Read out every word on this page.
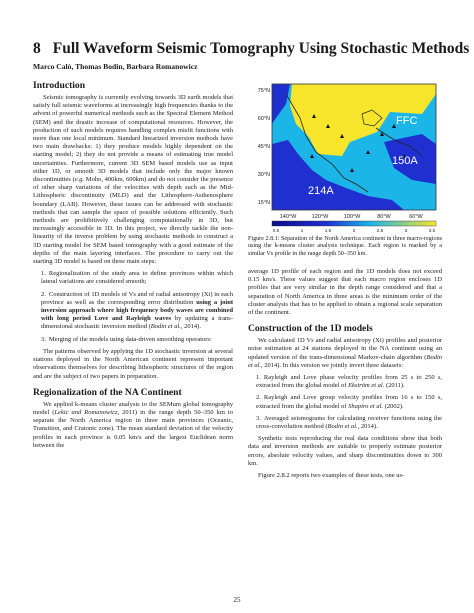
8 Full Waveform Seismic Tomography Using Stochastic Methods
Marco Calò, Thomas Bodin, Barbara Romanowicz
Introduction

Seismic tomography is currently evolving towards 3D earth models that satisfy full seismic waveforms at increasingly high frequencies thanks to the advent of powerful numerical methods such as the Spectral Element Method (SEM) and the drastic increase of computational resources. However, the production of such models requires handling complex misfit functions with more than one local minimum. Standard linearized inversion methods have two main drawbacks: 1) they produce models highly dependent on the starting model; 2) they do not provide a means of estimating true model uncertainties. Furthermore, current 3D SEM based models use as input either 1D, or smooth 3D models that include only the major known discontinuities (e.g. Moho, 400km, 600km) and do not consider the presence of other sharp variations of the velocities with depth such as the Mid-Lithospheric discontinuity (MLD) and the Lithosphere-Asthenosphere boundary (LAB). However, these issues can be addressed with stochastic methods that can sample the space of possible solutions efficiently. Such methods are prohibitively challenging computationally in 3D, but increasingly accessible in 1D. In this project, we directly tackle the non-linearity of the inverse problem by using stochastic methods to construct a 3D starting model for SEM based tomography with a good estimate of the depths of the main layering interfaces. The procedure to carry out the starting 3D model is based on three main steps:

1. Regionalization of the study area to define provinces within which lateral variations are considered smooth;
2. Construction of 1D models of Vs and of radial anisotropy (Xi) in each province as well as the corresponding error distribution using a joint inversion approach where high frequency body waves are combined with long period Love and Rayleigh waves by updating a trans-dimensional stochastic inversion method (Bodin et al., 2014).
3. Merging of the models using data-driven smoothing operators:

The patterns observed by applying the 1D stochastic inversion at several stations deployed in the North American continent represent important observations themselves for describing lithospheric structures of the region and are the subject of two papers in preparation.

Regionalization of the NA Continent

We applied k-means cluster analysis to the SEMum global tomography model (Lekic and Romanowicz, 2011) in the range depth 50–350 km to separate the North America region in three main provinces (Oceanic, Transition, and Cratonic zone). The mean standard deviation of the velocity profiles in each province is 0.05 km/s and the largest Euclidean norm between the

FFC
150A
214A
75°N
60°N
45°N
30°N
15°N
140°W	120°W	100°W	80°W	60°W
0.5	1	1.5	2	2.5	3	3.5
Figure 2.8.1: Separation of the North America continent in three macro-regions using the k-means cluster analysis technique. Each region is marked by a similar Vs profile in the range depth 50–350 km.

average 1D profile of each region and the 1D models does not exceed 0.15 km/s. These values suggest that each macro region encloses 1D profiles that are very similar in the depth range considered and that a separation of North America in three areas is the minimum order of the cluster analysis that has to be applied to obtain a regional scale separation of the continent.

Construction of the 1D models

We calculated 1D Vs and radial anisotropy (Xi) profiles and posterior noise estimation at 24 stations deployed in the NA continent using an updated version of the trans-dimensional Markov-chain algorithm (Bodin et al., 2014). In this version we jointly invert three datasets:

1. Rayleigh and Love phase velocity profiles from 25 s to 250 s, extracted from the global model of Ekström et al. (2011).
2. Rayleigh and Love group velocity profiles from 16 s to 150 s, extracted from the global model of Shapiro et al. (2002).
3. Averaged seismograms for calculating receiver functions using the cross-convolution method (Bodin et al., 2014).

Synthetic tests reproducing the real data conditions show that both data and inversion methods are suitable to properly estimate posterior errors, absolute velocity values, and sharp discontinuities down to 300 km.

Figure 2.8.2 reports two examples of these tests, one us-

25
